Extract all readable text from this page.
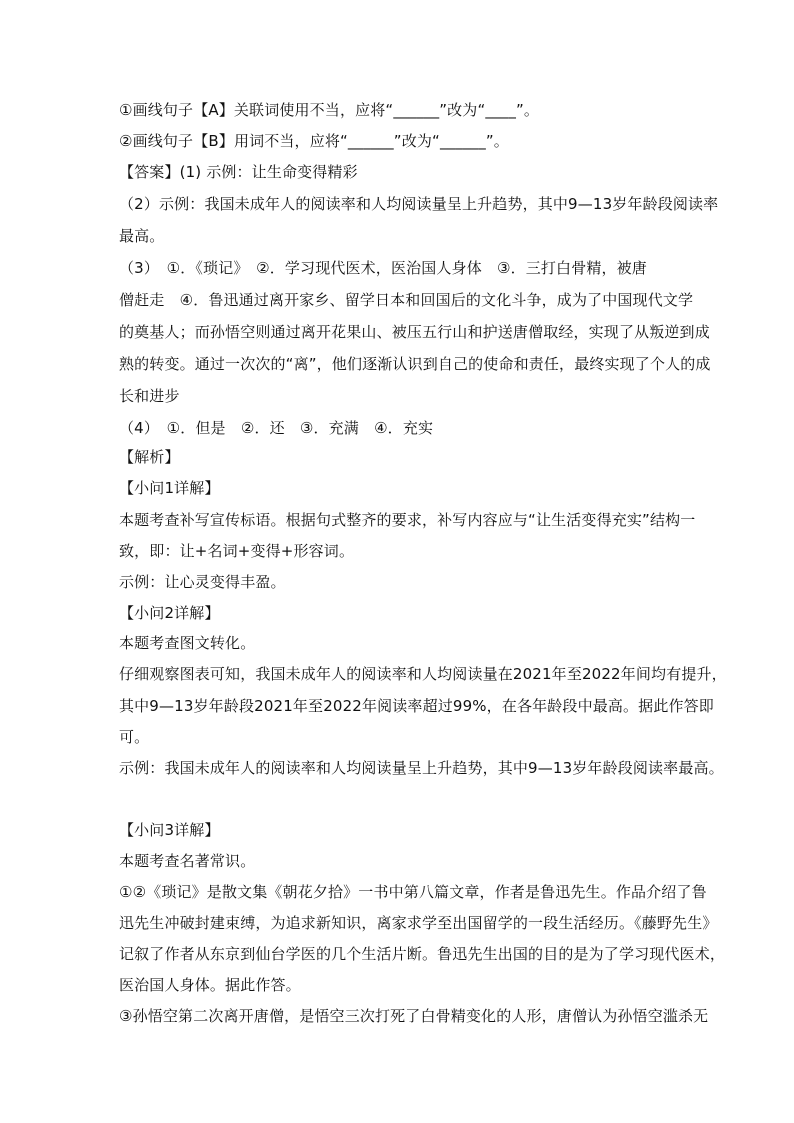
①画线句子【A】关联词使用不当，应将“______”改为“____”。

②画线句子【B】用词不当，应将“______”改为“______”。

【答案】(1) 示例：让生命变得精彩

（2）示例：我国未成年人的阅读率和人均阅读量呈上升趋势，其中9—13岁年龄段阅读率

最高。

（3）　①．《琐记》　②．学习现代医术，医治国人身体　③．三打白骨精，被唐

僧赶走　④．鲁迅通过离开家乡、留学日本和回国后的文化斗争，成为了中国现代文学

的奠基人；而孙悟空则通过离开花果山、被压五行山和护送唐僧取经，实现了从叛逆到成

熟的转变。通过一次次的“离”，他们逐渐认识到自己的使命和责任，最终实现了个人的成

长和进步

（4）　①．但是　②．还　③．充满　④．充实

【解析】

【小问1详解】

本题考查补写宣传标语。根据句式整齐的要求，补写内容应与“让生活变得充实”结构一

致，即：让+名词+变得+形容词。

示例：让心灵变得丰盈。

【小问2详解】

本题考查图文转化。

仔细观察图表可知，我国未成年人的阅读率和人均阅读量在2021年至2022年间均有提升，

其中9—13岁年龄段2021年至2022年阅读率超过99%，在各年龄段中最高。据此作答即

可。

示例：我国未成年人的阅读率和人均阅读量呈上升趋势，其中9—13岁年龄段阅读率最高。

【小问3详解】

本题考查名著常识。

①②《琐记》是散文集《朝花夕拾》一书中第八篇文章，作者是鲁迅先生。作品介绍了鲁

迅先生冲破封建束缚，为追求新知识，离家求学至出国留学的一段生活经历。《藤野先生》

记叙了作者从东京到仙台学医的几个生活片断。鲁迅先生出国的目的是为了学习现代医术，

医治国人身体。据此作答。

③孙悟空第二次离开唐僧，是悟空三次打死了白骨精变化的人形，唐僧认为孙悟空滥杀无
